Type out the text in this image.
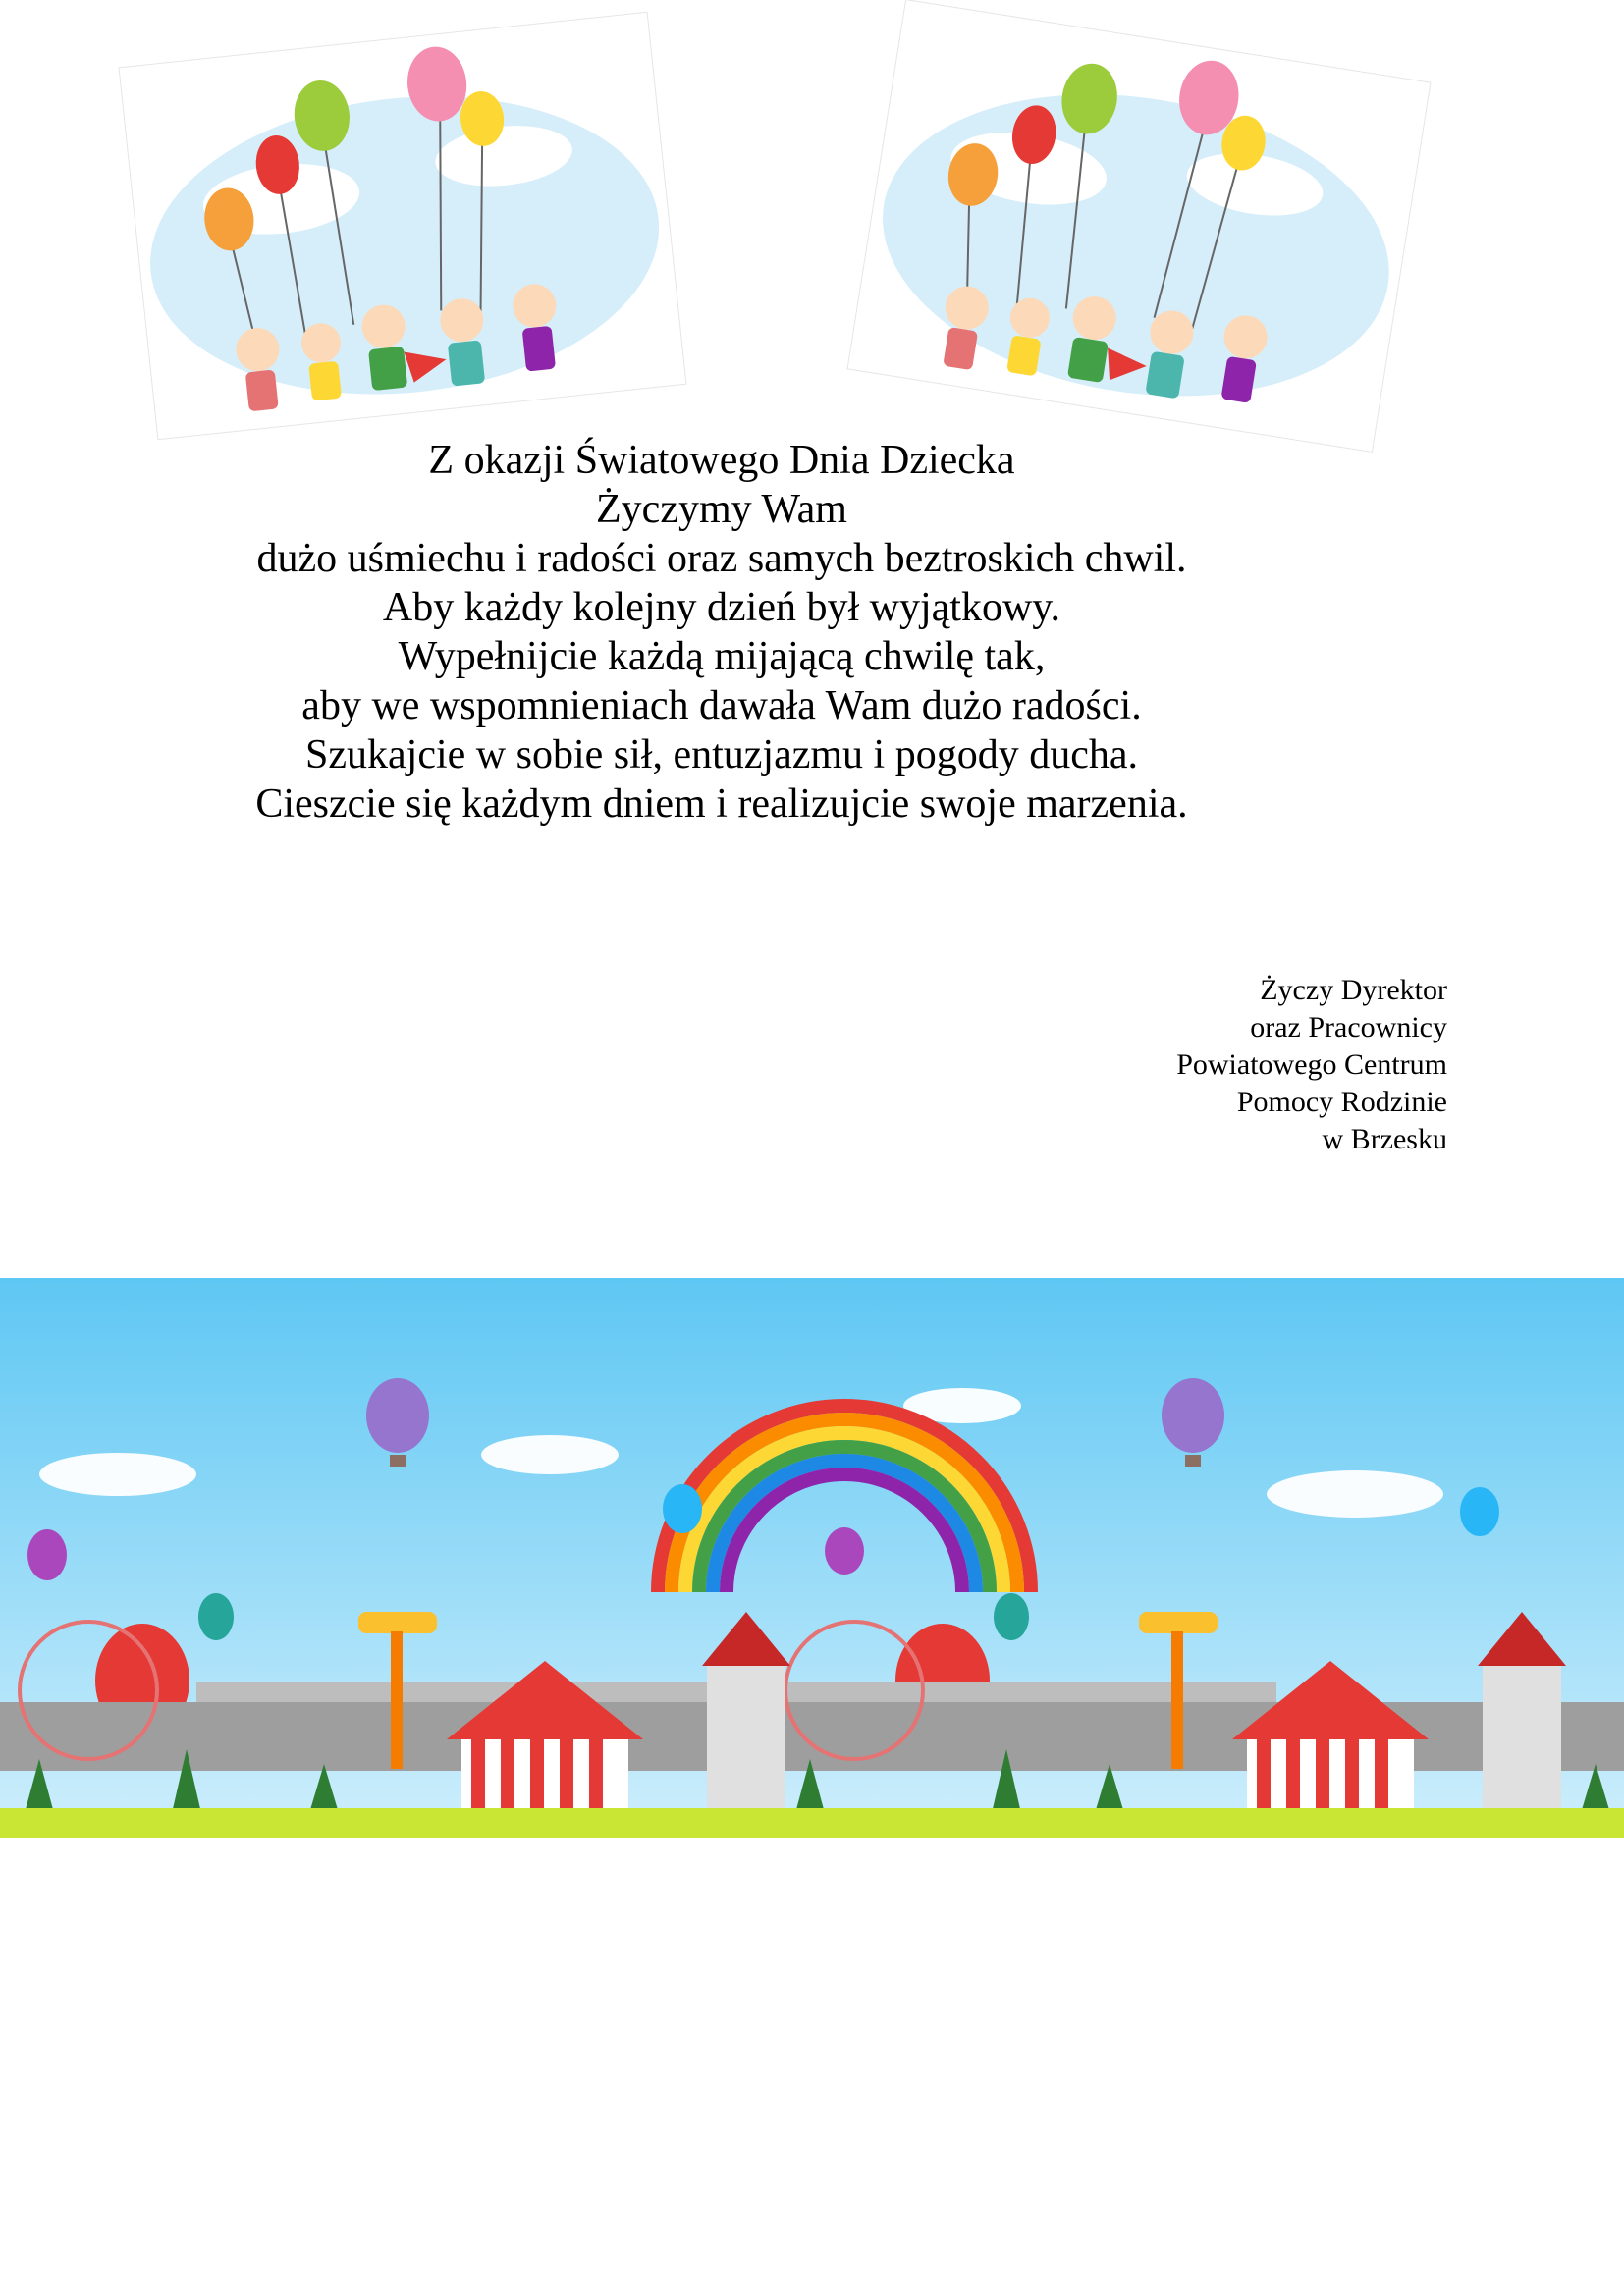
Z okazji Światowego Dnia Dziecka
Życzymy Wam
dużo uśmiechu i radości oraz samych beztroskich chwil.
Aby każdy kolejny dzień był wyjątkowy.
Wypełnijcie każdą mijającą chwilę tak,
aby we wspomnieniach dawała Wam dużo radości.
Szukajcie w sobie sił, entuzjazmu i pogody ducha.
Cieszcie się każdym dniem i realizujcie swoje marzenia.
Życzy Dyrektor
oraz Pracownicy
Powiatowego Centrum
Pomocy Rodzinie
w Brzesku
